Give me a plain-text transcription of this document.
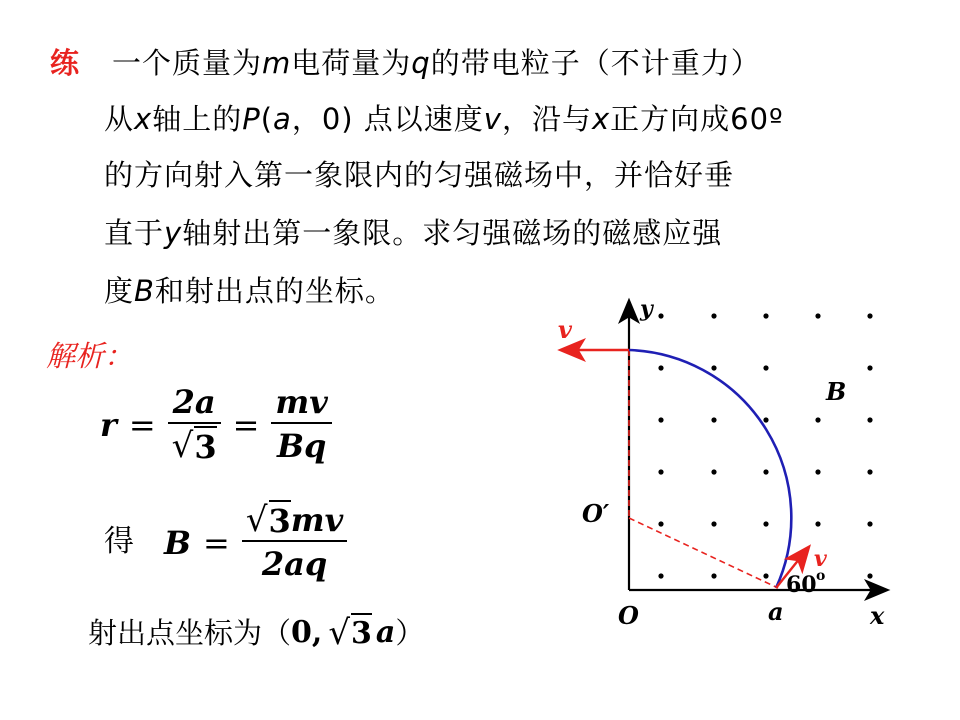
练 一个质量为m电荷量为q的带电粒子（不计重力）
从x轴上的P(a，0) 点以速度v，沿与x正方向成60º
的方向射入第一象限内的匀强磁场中，并恰好垂
直于y轴射出第一象限。求匀强磁场的磁感应强
度B和射出点的坐标。
解析：
$r = \frac{2a}{√ 3} = \frac{mv}{Bq}$
得 $B = \frac{√ 3 mv}{2aq}$
射出点坐标为 （ 0 , √ 3 a ）
y
x
O
O′
a
B
v
v
60 o
